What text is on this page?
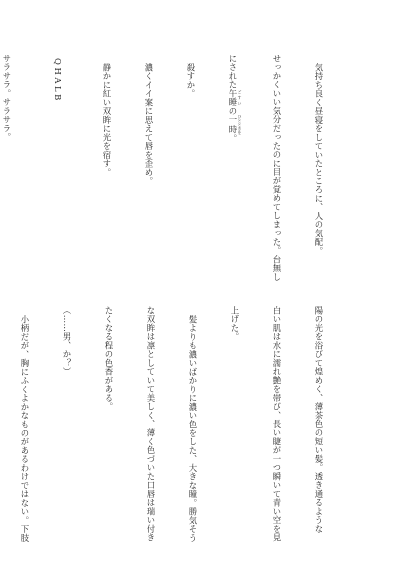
気持ち良く昼寝をしていたところに、人の気配。

せっかくいい気分だったのに目が覚めてしまった。台無し

にされた午睡 ごすいの一時 ひとときを。

殺すか。

濃くイイ案に思えて唇を歪め。

静かに紅い双眸に光を宿す。

QHALB

サラサラ。サラサラ。

陽の光を浴びて煌めく、薄茶色の短い髪。透き通るような

白い肌は水に濡れ艶を帯び、長い睫が一つ瞬いて青い空を見

上げた。

髪よりも濃いばかりに濃い色をした、大きな瞳。勝気そう

な双眸は凛としていて美しく、薄く色づいた口唇は瑞い付き

たくなる程の色香がある。

（……男、か？）

小柄だが、胸にふくよかなものがあるわけではない。下肢
